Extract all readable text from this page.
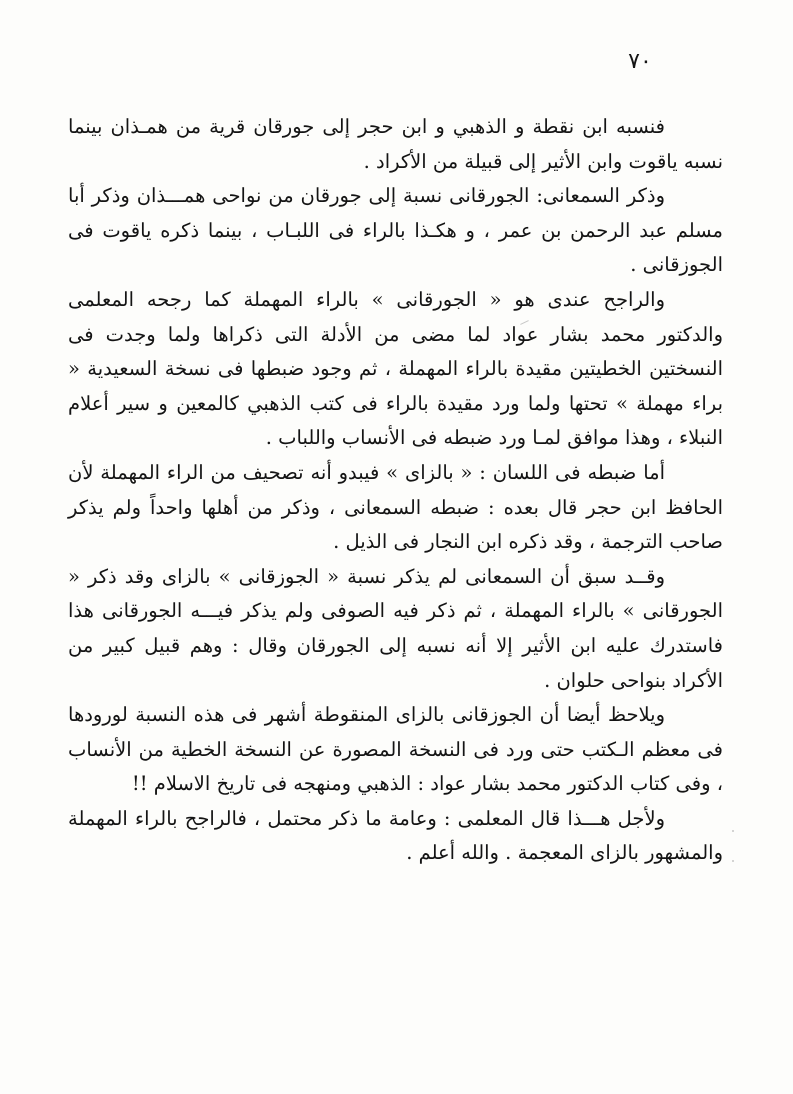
٧٠

فنسبه ابن نقطة و الذهبي و ابن حجر إلى جورقان قرية من همـذان بينما نسبه ياقوت وابن الأثير إلى قبيلة من الأكراد .

وذكر السمعانى: الجورقانى نسبة إلى جورقان من نواحى همـــذان وذكر أبا مسلم عبد الرحمن بن عمر ، و هكـذا بالراء فى اللبـاب ، بينما ذكره ياقوت فى الجوزقانى .

والراجح عندى هو « الجورقانى » بالراء المهملة كما رجحه المعلمى والدكتور محمد بشار عواد لما مضى من الأدلة التى ذكراها ولما وجدت فى النسختين الخطيتين مقيدة بالراء المهملة ، ثم وجود ضبطها فى نسخة السعيدية « براء مهملة » تحتها ولما ورد مقيدة بالراء فى كتب الذهبي كالمعين و سير أعلام النبلاء ، وهذا موافق لمـا ورد ضبطه فى الأنساب واللباب .

أما ضبطه فى اللسان : « بالزاى » فيبدو أنه تصحيف من الراء المهملة لأن الحافظ ابن حجر قال بعده : ضبطه السمعانى ، وذكر من أهلها واحداً ولم يذكر صاحب الترجمة ، وقد ذكره ابن النجار فى الذيل .

وقــد سبق أن السمعانى لم يذكر نسبة « الجوزقانى » بالزاى وقد ذكر « الجورقانى » بالراء المهملة ، ثم ذكر فيه الصوفى ولم يذكر فيـــه الجورقانى هذا فاستدرك عليه ابن الأثير إلا أنه نسبه إلى الجورقان وقال : وهم قبيل كبير من الأكراد بنواحى حلوان .

ويلاحظ أيضا أن الجوزقانى بالزاى المنقوطة أشهر فى هذه النسبة لورودها فى معظم الـكتب حتى ورد فى النسخة المصورة عن النسخة الخطية من الأنساب ، وفى كتاب الدكتور محمد بشار عواد : الذهبي ومنهجه فى تاريخ الاسلام !!

ولأجل هـــذا قال المعلمى : وعامة ما ذكر محتمل ، فالراجح بالراء المهملة والمشهور بالزاى المعجمة . والله أعلم .
